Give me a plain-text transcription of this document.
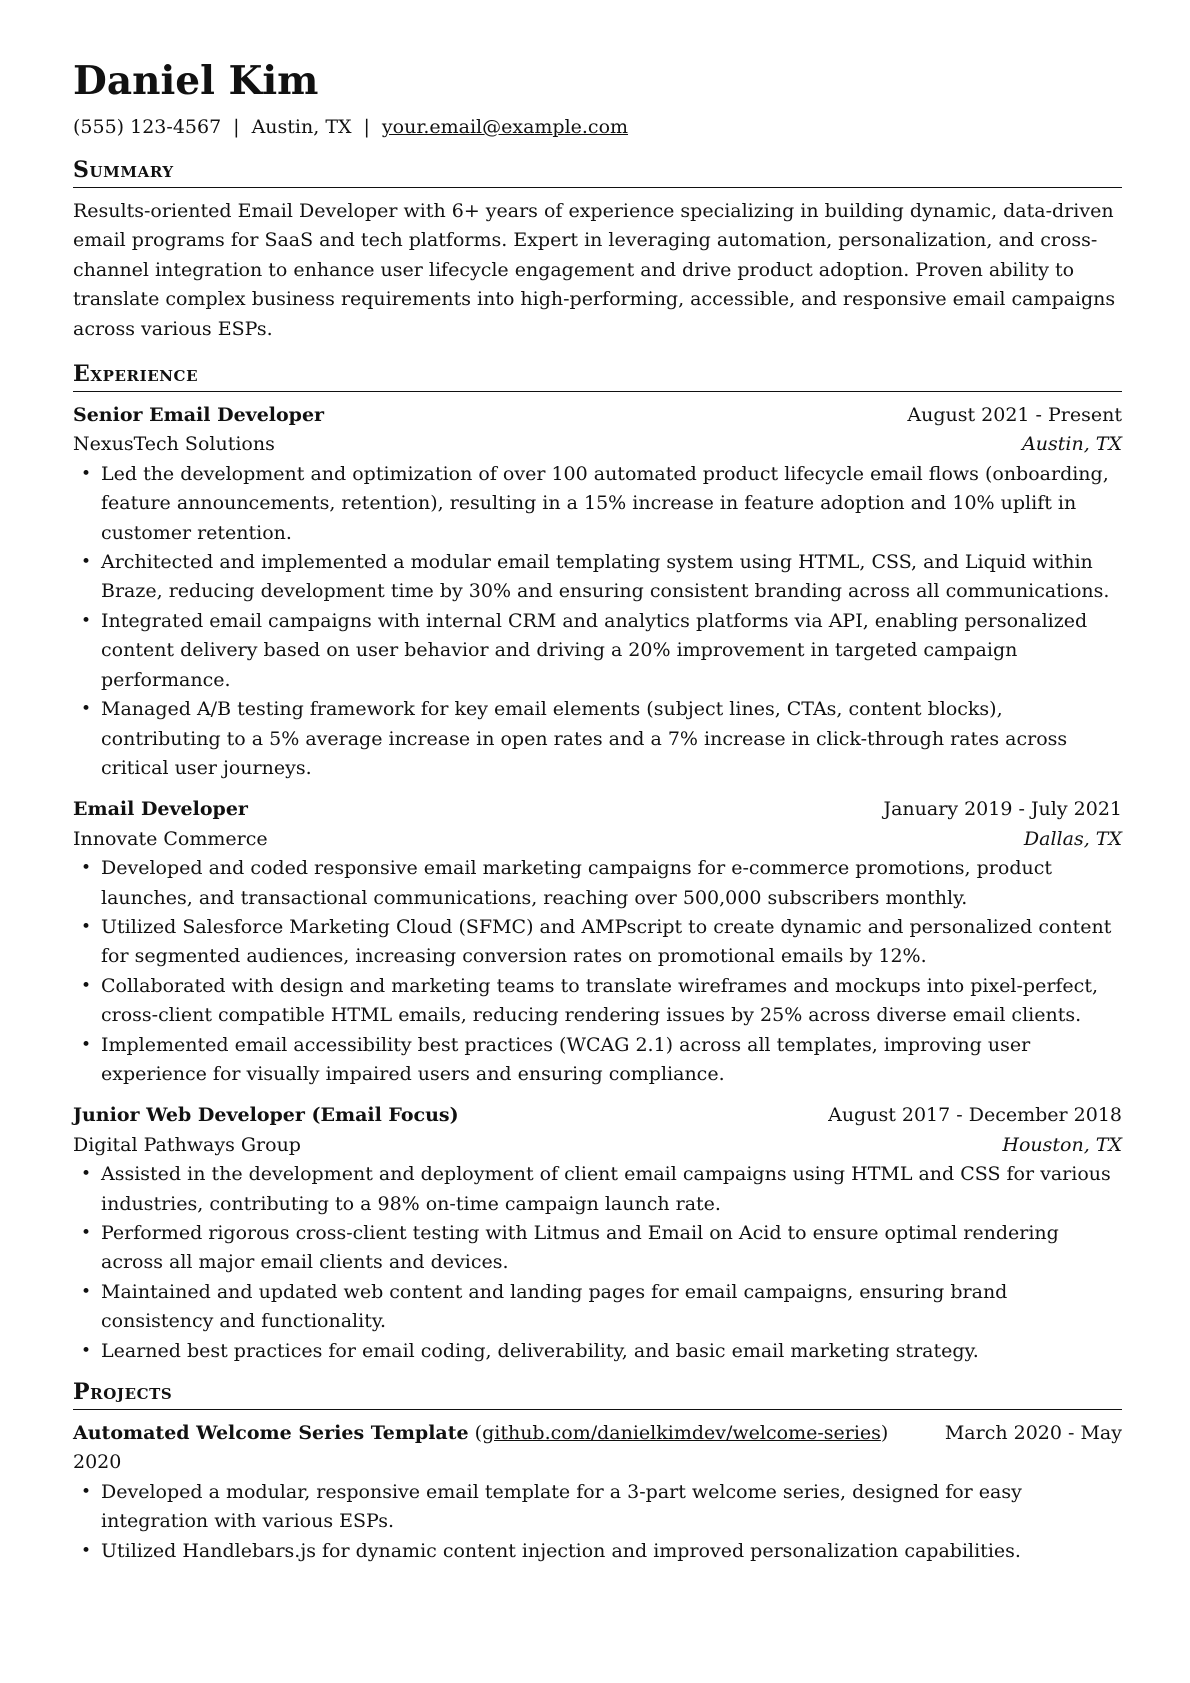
Daniel Kim
(555) 123-4567 | Austin, TX | your.email@example.com
Summary

Results-oriented Email Developer with 6+ years of experience specializing in building dynamic, data-driven email programs for SaaS and tech platforms. Expert in leveraging automation, personalization, and cross-channel integration to enhance user lifecycle engagement and drive product adoption. Proven ability to translate complex business requirements into high-performing, accessible, and responsive email campaigns across various ESPs.

Experience
Senior Email Developer	August 2021 - Present
NexusTech Solutions	Austin, TX
• Led the development and optimization of over 100 automated product lifecycle email flows (onboarding, feature announcements, retention), resulting in a 15% increase in feature adoption and 10% uplift in customer retention.
• Architected and implemented a modular email templating system using HTML, CSS, and Liquid within Braze, reducing development time by 30% and ensuring consistent branding across all communications.
• Integrated email campaigns with internal CRM and analytics platforms via API, enabling personalized content delivery based on user behavior and driving a 20% improvement in targeted campaign performance.
• Managed A/B testing framework for key email elements (subject lines, CTAs, content blocks), contributing to a 5% average increase in open rates and a 7% increase in click-through rates across critical user journeys.
Email Developer	January 2019 - July 2021
Innovate Commerce	Dallas, TX
• Developed and coded responsive email marketing campaigns for e-commerce promotions, product launches, and transactional communications, reaching over 500,000 subscribers monthly.
• Utilized Salesforce Marketing Cloud (SFMC) and AMPscript to create dynamic and personalized content for segmented audiences, increasing conversion rates on promotional emails by 12%.
• Collaborated with design and marketing teams to translate wireframes and mockups into pixel-perfect, cross-client compatible HTML emails, reducing rendering issues by 25% across diverse email clients.
• Implemented email accessibility best practices (WCAG 2.1) across all templates, improving user experience for visually impaired users and ensuring compliance.
Junior Web Developer (Email Focus)	August 2017 - December 2018
Digital Pathways Group	Houston, TX
• Assisted in the development and deployment of client email campaigns using HTML and CSS for various industries, contributing to a 98% on-time campaign launch rate.
• Performed rigorous cross-client testing with Litmus and Email on Acid to ensure optimal rendering across all major email clients and devices.
• Maintained and updated web content and landing pages for email campaigns, ensuring brand consistency and functionality.
• Learned best practices for email coding, deliverability, and basic email marketing strategy.
Projects
March 2020 - May
Automated Welcome Series Template (github.com/danielkimdev/welcome-series)
2020
• Developed a modular, responsive email template for a 3-part welcome series, designed for easy integration with various ESPs.
• Utilized Handlebars.js for dynamic content injection and improved personalization capabilities.
